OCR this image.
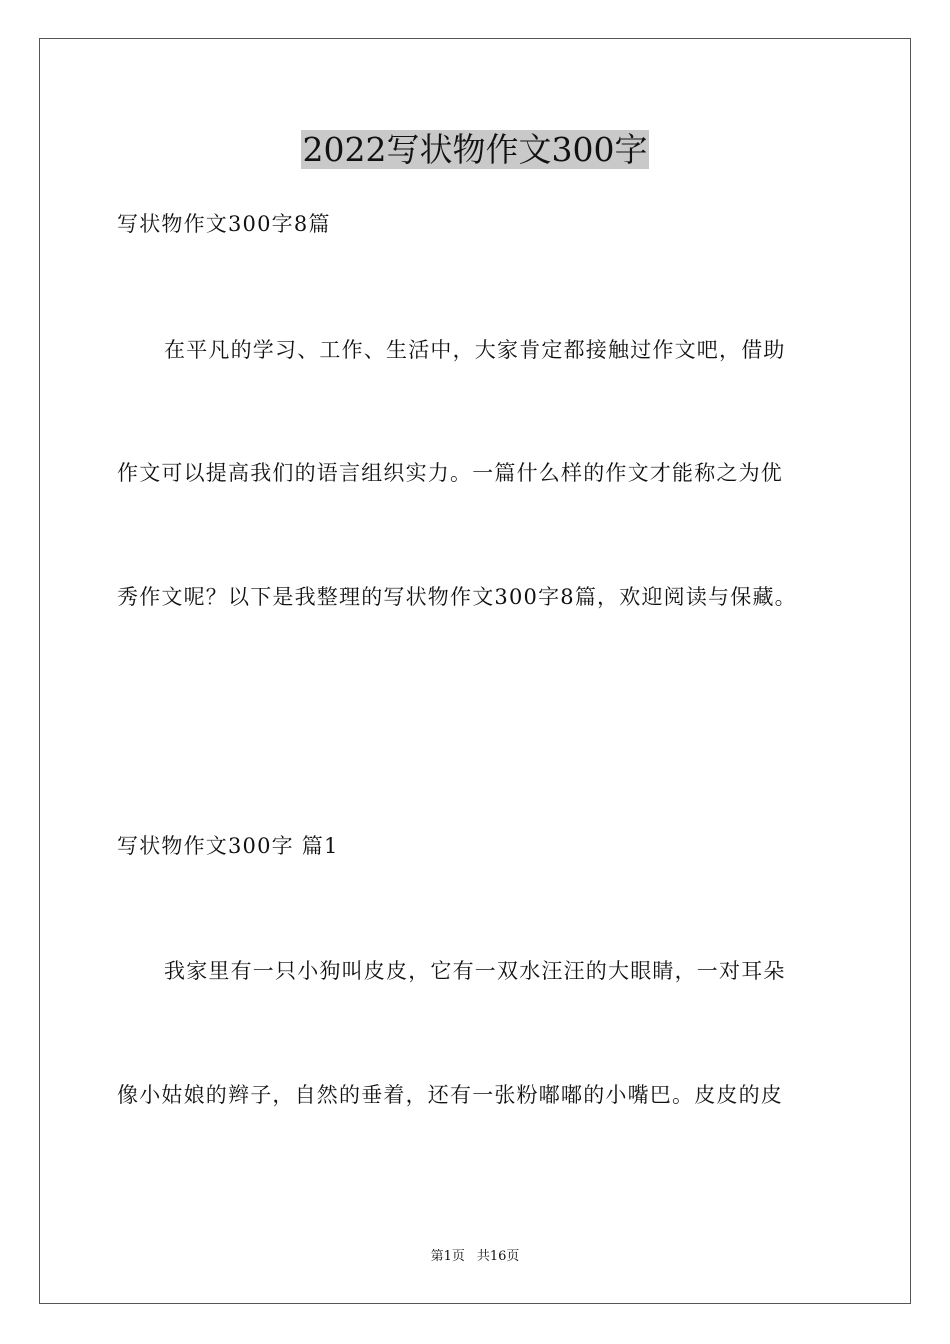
2022写状物作文300字
写状物作文300字8篇
在平凡的学习、工作、生活中，大家肯定都接触过作文吧，借助
作文可以提高我们的语言组织实力。一篇什么样的作文才能称之为优
秀作文呢？以下是我整理的写状物作文300字8篇，欢迎阅读与保藏。
写状物作文300字 篇1
我家里有一只小狗叫皮皮，它有一双水汪汪的大眼睛，一对耳朵
像小姑娘的辫子，自然的垂着，还有一张粉嘟嘟的小嘴巴。皮皮的皮
第1页 共16页
